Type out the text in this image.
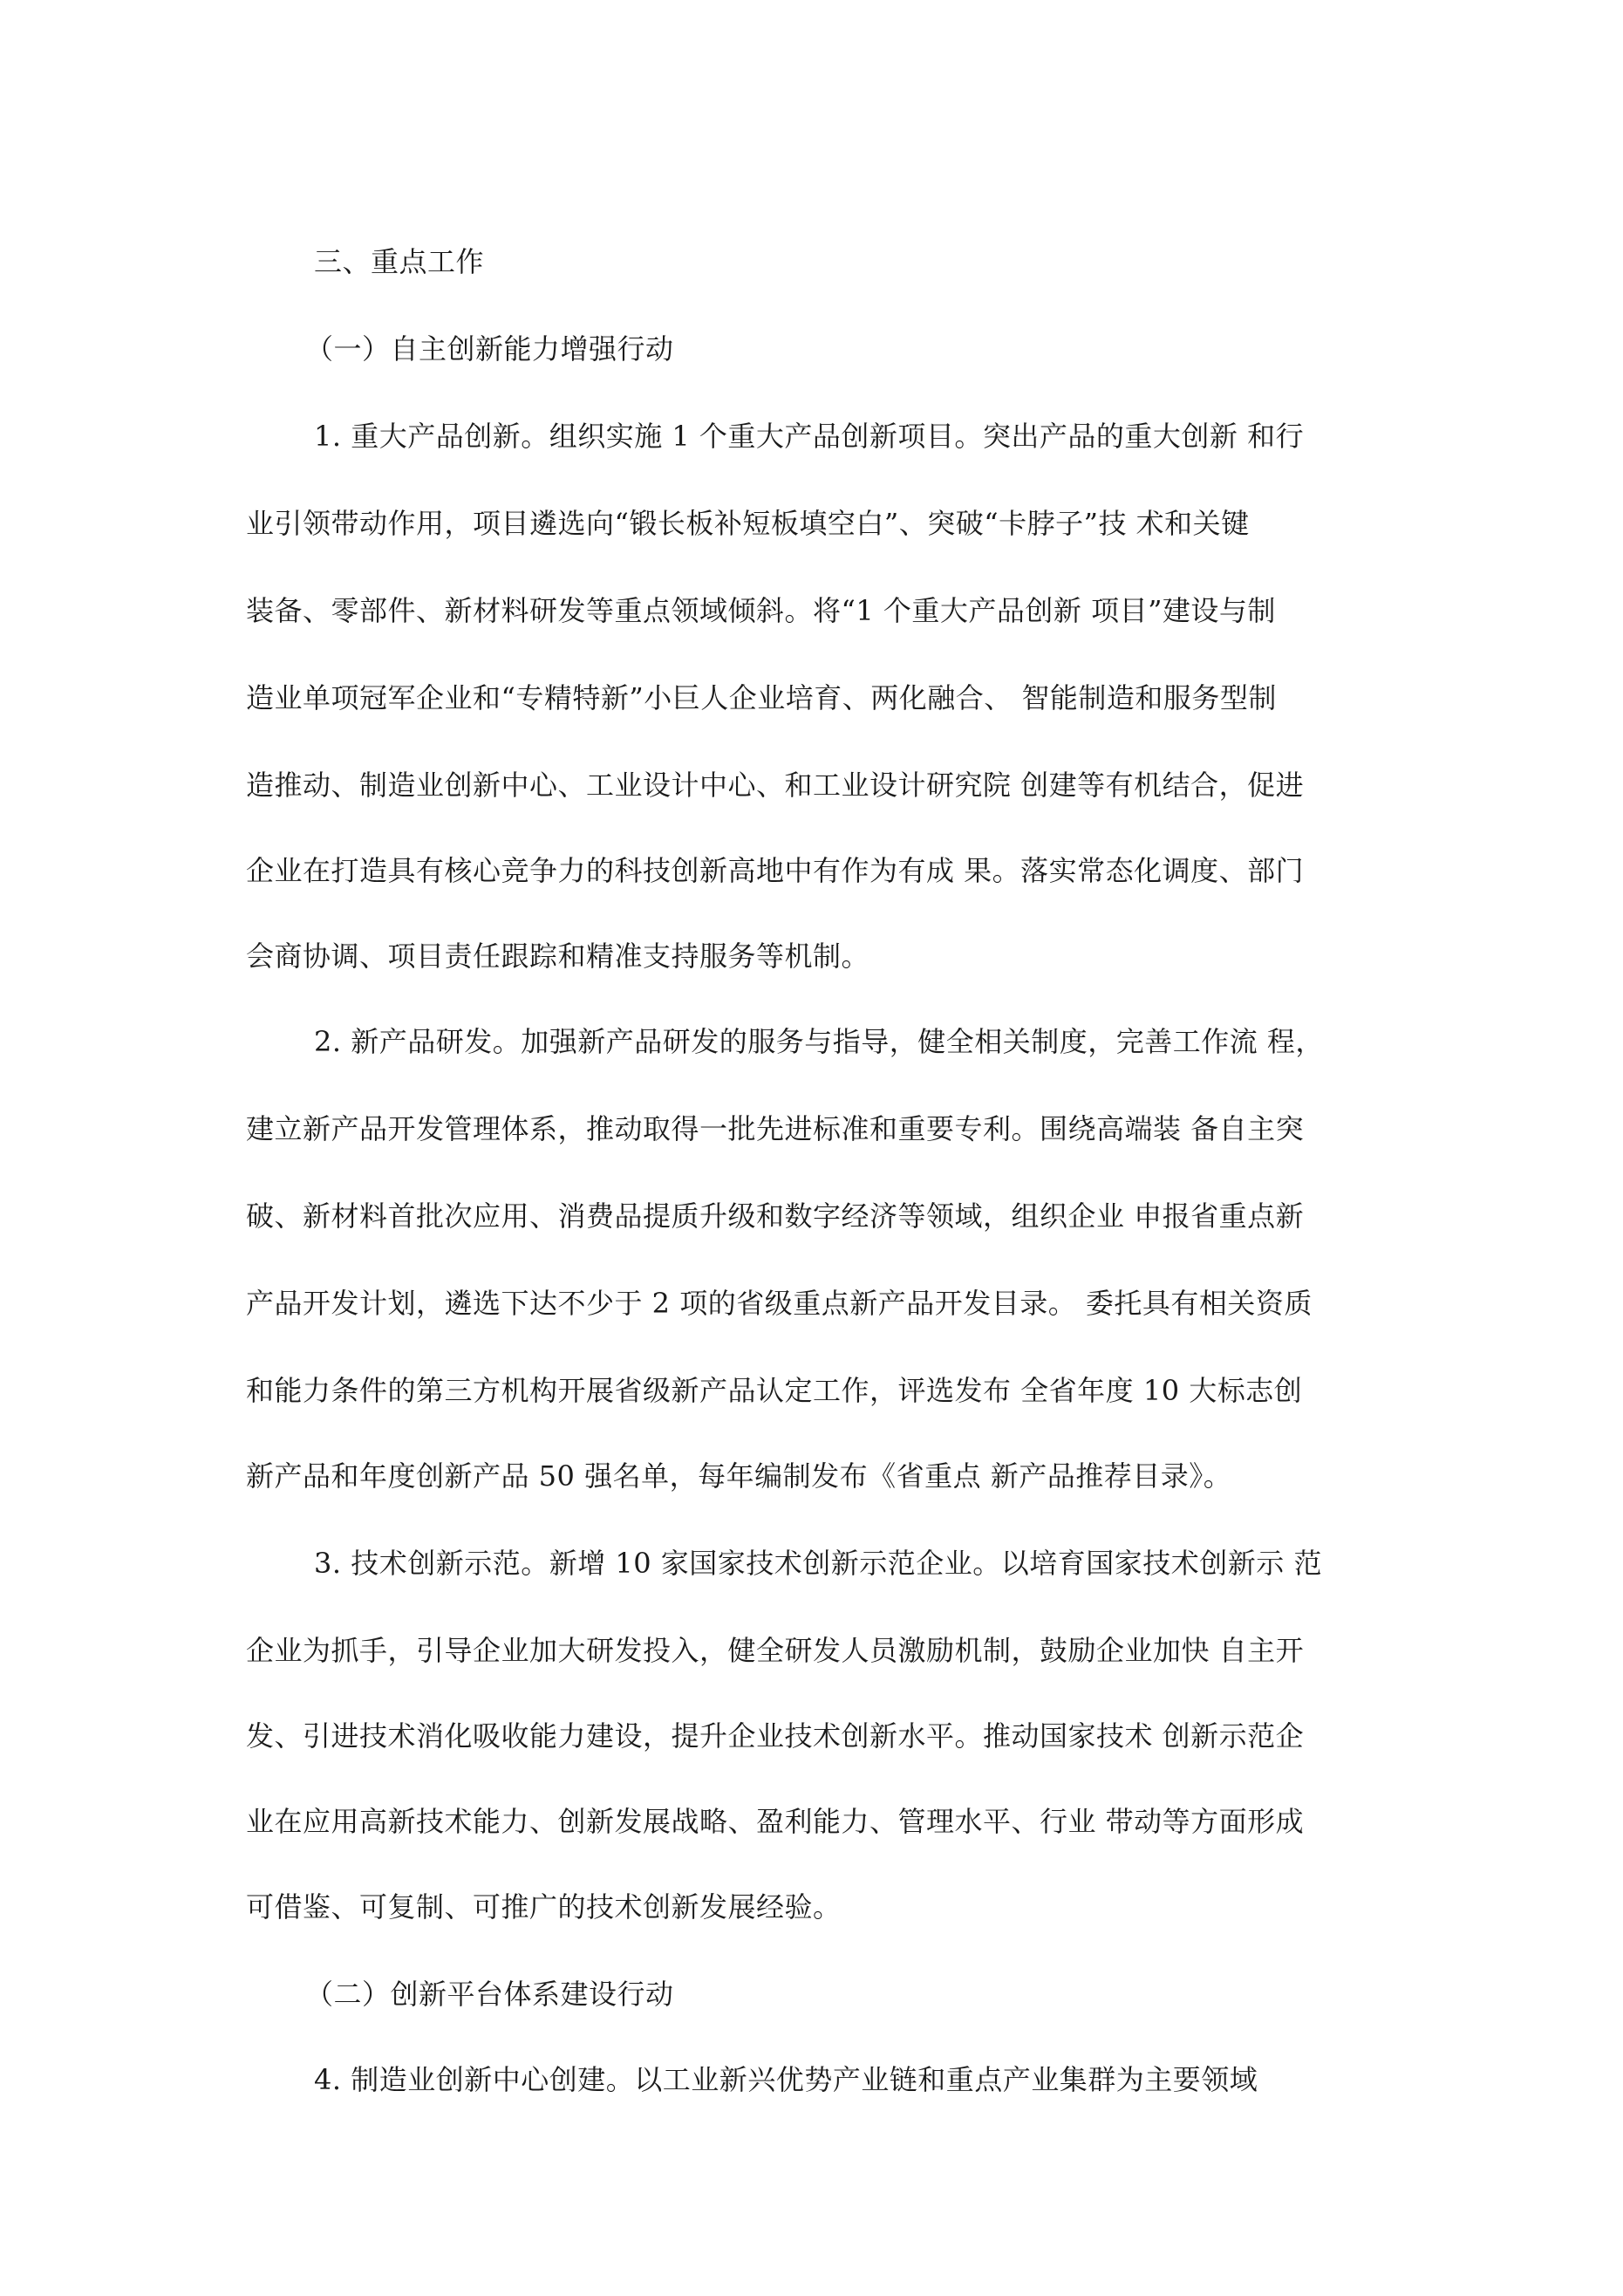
三、重点工作
（一）自主创新能力增强行动
1. 重大产品创新。组织实施 1 个重大产品创新项目。突出产品的重大创新 和行
业引领带动作用，项目遴选向“锻长板补短板填空白”、突破“卡脖子”技 术和关键
装备、零部件、新材料研发等重点领域倾斜。将“1 个重大产品创新 项目”建设与制
造业单项冠军企业和“专精特新”小巨人企业培育、两化融合、 智能制造和服务型制
造推动、制造业创新中心、工业设计中心、和工业设计研究院 创建等有机结合，促进
企业在打造具有核心竞争力的科技创新高地中有作为有成 果。落实常态化调度、部门
会商协调、项目责任跟踪和精准支持服务等机制。
2. 新产品研发。加强新产品研发的服务与指导，健全相关制度，完善工作流 程，
建立新产品开发管理体系，推动取得一批先进标准和重要专利。围绕高端装 备自主突
破、新材料首批次应用、消费品提质升级和数字经济等领域，组织企业 申报省重点新
产品开发计划，遴选下达不少于 2 项的省级重点新产品开发目录。 委托具有相关资质
和能力条件的第三方机构开展省级新产品认定工作，评选发布 全省年度 10 大标志创
新产品和年度创新产品 50 强名单，每年编制发布《省重点 新产品推荐目录》。
3. 技术创新示范。新增 10 家国家技术创新示范企业。以培育国家技术创新示 范
企业为抓手，引导企业加大研发投入，健全研发人员激励机制，鼓励企业加快 自主开
发、引进技术消化吸收能力建设，提升企业技术创新水平。推动国家技术 创新示范企
业在应用高新技术能力、创新发展战略、盈利能力、管理水平、行业 带动等方面形成
可借鉴、可复制、可推广的技术创新发展经验。
（二）创新平台体系建设行动
4. 制造业创新中心创建。以工业新兴优势产业链和重点产业集群为主要领域
